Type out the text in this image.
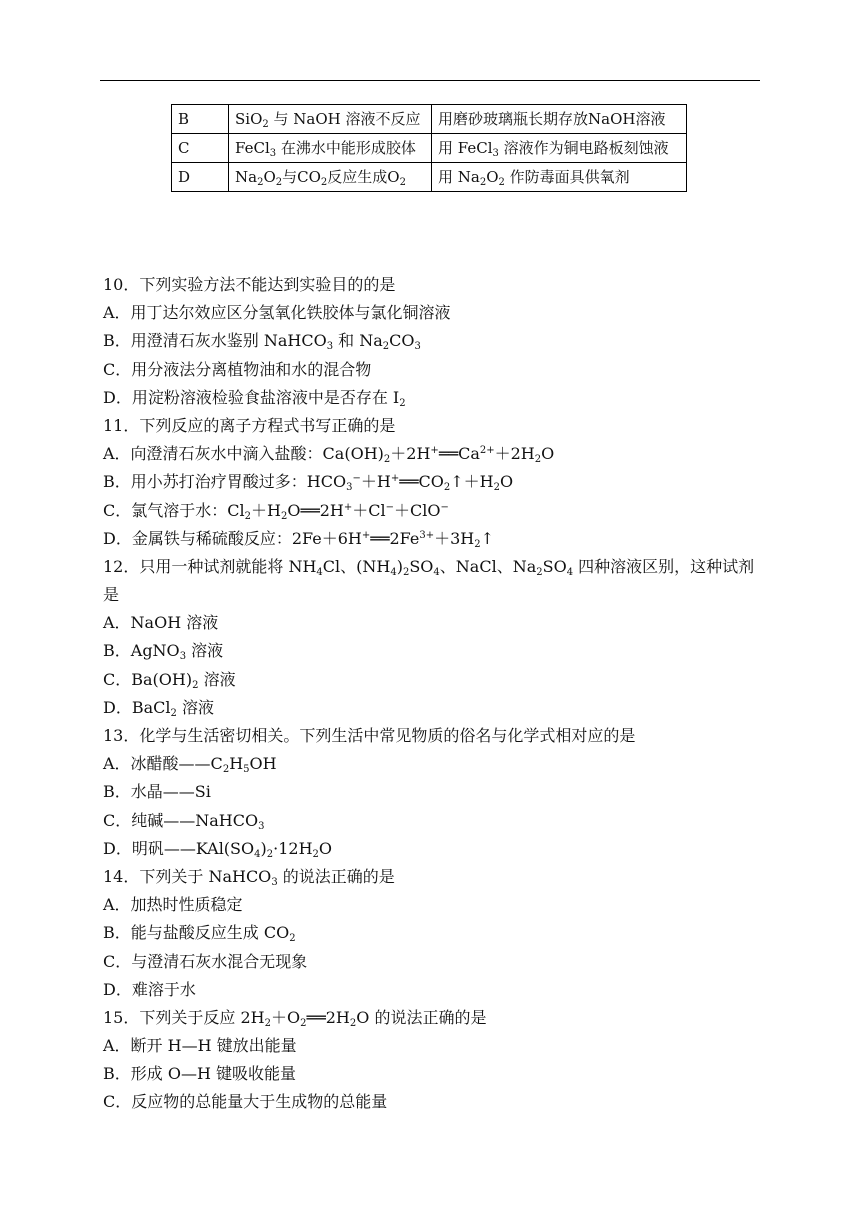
B	SiO$_2$ 与 NaOH 溶液不反应	用磨砂玻璃瓶长期存放NaOH溶液
C	FeCl$_3$ 在沸水中能形成胶体	用 FeCl$_3$ 溶液作为铜电路板刻蚀液
D	$Na_2O_2$与$CO_2$反应生成$O_2$	用 $Na_2O_2$ 作防毒面具供氧剂
10．下列实验方法不能达到实验目的的是
A．用丁达尔效应区分氢氧化铁胶体与氯化铜溶液
B．用澄清石灰水鉴别 NaHCO$_3$ 和 $Na_2CO_3$
C．用分液法分离植物油和水的混合物
D．用淀粉溶液检验食盐溶液中是否存在 $I_2$
11．下列反应的离子方程式书写正确的是
A．向澄清石灰水中滴入盐酸：$Ca(OH)_2+2H^+══Ca^{2+}+2H_2O$
B．用小苏打治疗胃酸过多：$HCO_3^-+H^+══CO_2↑+H_2O$
C．氯气溶于水：$Cl_2+H_2O══2H^++Cl^-+ClO^-$
D．金属铁与稀硫酸反应：$2Fe+6H^+══2Fe^{3+}+3H_2↑$
12．只用一种试剂就能将 $NH_4Cl$、$(NH_4)_2SO_4$、NaCl、$Na_2SO_4$ 四种溶液区别，这种试剂
是
A．NaOH 溶液
B．AgNO$_3$ 溶液
C．$Ba(OH)_2$ 溶液
D．BaCl$_2$ 溶液
13．化学与生活密切相关。下列生活中常见物质的俗名与化学式相对应的是
A．冰醋酸$——C_2H_5OH$
B．水晶——Si
C．纯碱——NaHCO$_3$
D．明矾$——KAl(SO_4)_2\cdot 12H_2O$
14．下列关于 NaHCO$_3$ 的说法正确的是
A．加热时性质稳定
B．能与盐酸反应生成 $CO_2$
C．与澄清石灰水混合无现象
D．难溶于水
15．下列关于反应 $2H_2+O_2══2H_2O$ 的说法正确的是
A．断开 H—H 键放出能量
B．形成 O—H 键吸收能量
C．反应物的总能量大于生成物的总能量
